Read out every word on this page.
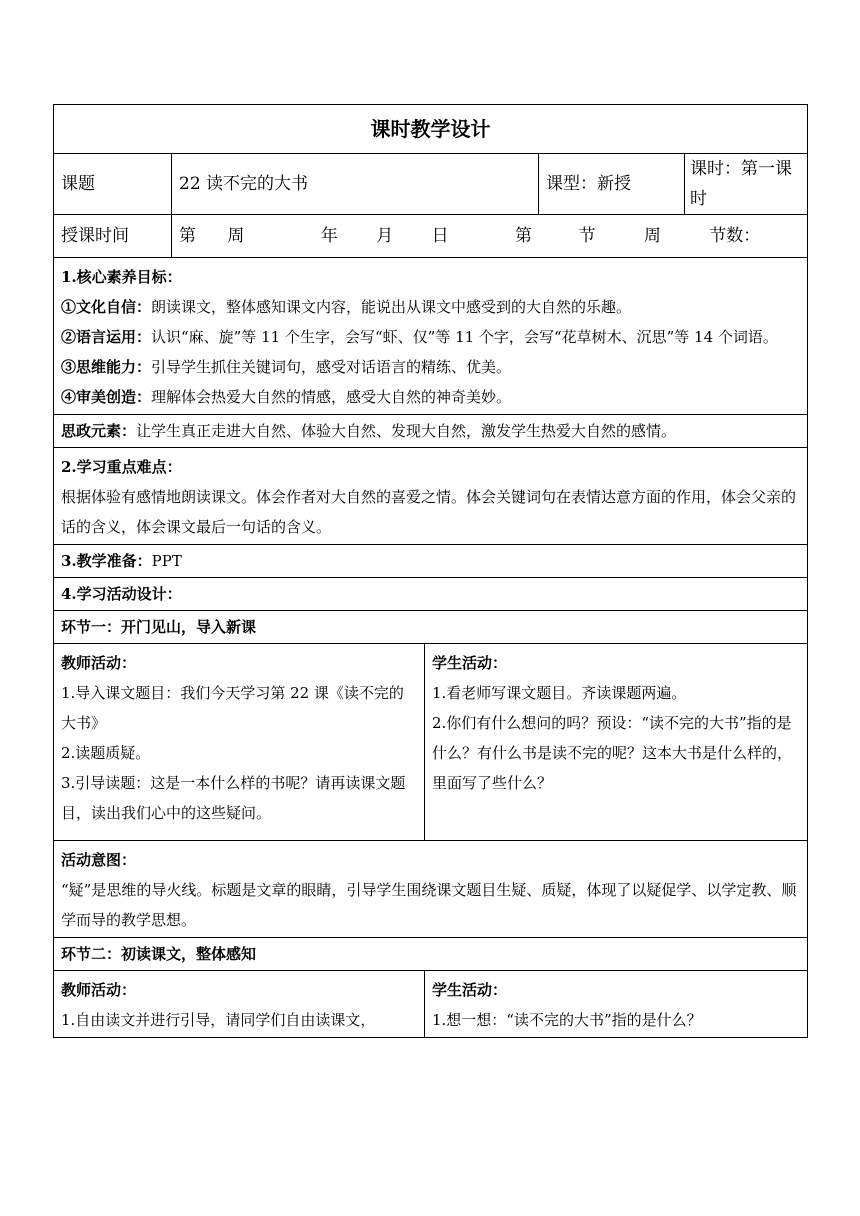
课时教学设计				
课题	22 读不完的大书		课型：新授	课时：第一课时
授课时间	第 周 年 月 日 第 节 周 节数：			

1.核心素养目标：
①文化自信：朗读课文，整体感知课文内容，能说出从课文中感受到的大自然的乐趣。
②语言运用：认识“麻、旋”等 11 个生字，会写“虾、仅”等 11 个字，会写“花草树木、沉思”等 14 个词语。
③思维能力：引导学生抓住关键词句，感受对话语言的精练、优美。
④审美创造：理解体会热爱大自然的情感，感受大自然的神奇美妙。				

思政元素：让学生真正走进大自然、体验大自然、发现大自然，激发学生热爱大自然的感情。				

2.学习重点难点：
根据体验有感情地朗读课文。体会作者对大自然的喜爱之情。体会关键词句在表情达意方面的作用，体会父亲的话的含义，体会课文最后一句话的含义。				

3.教学准备：PPT				
4.学习活动设计：				
环节一：开门见山，导入新课				

教师活动：
1.导入课文题目：我们今天学习第 22 课《读不完的大书》
2.读题质疑。
3.引导读题：这是一本什么样的书呢？请再读课文题目，读出我们心中的这些疑问。		学生活动：
1.看老师写课文题目。齐读课题两遍。
2.你们有什么想问的吗？预设：“读不完的大书”指的是什么？有什么书是读不完的呢？这本大书是什么样的，里面写了些什么？		

活动意图：
“疑”是思维的导火线。标题是文章的眼睛，引导学生围绕课文题目生疑、质疑，体现了以疑促学、以学定教、顺学而导的教学思想。				

环节二：初读课文，整体感知				

教师活动：
1.自由读文并进行引导，请同学们自由读课文，		学生活动：
1.想一想：“读不完的大书”指的是什么？		
